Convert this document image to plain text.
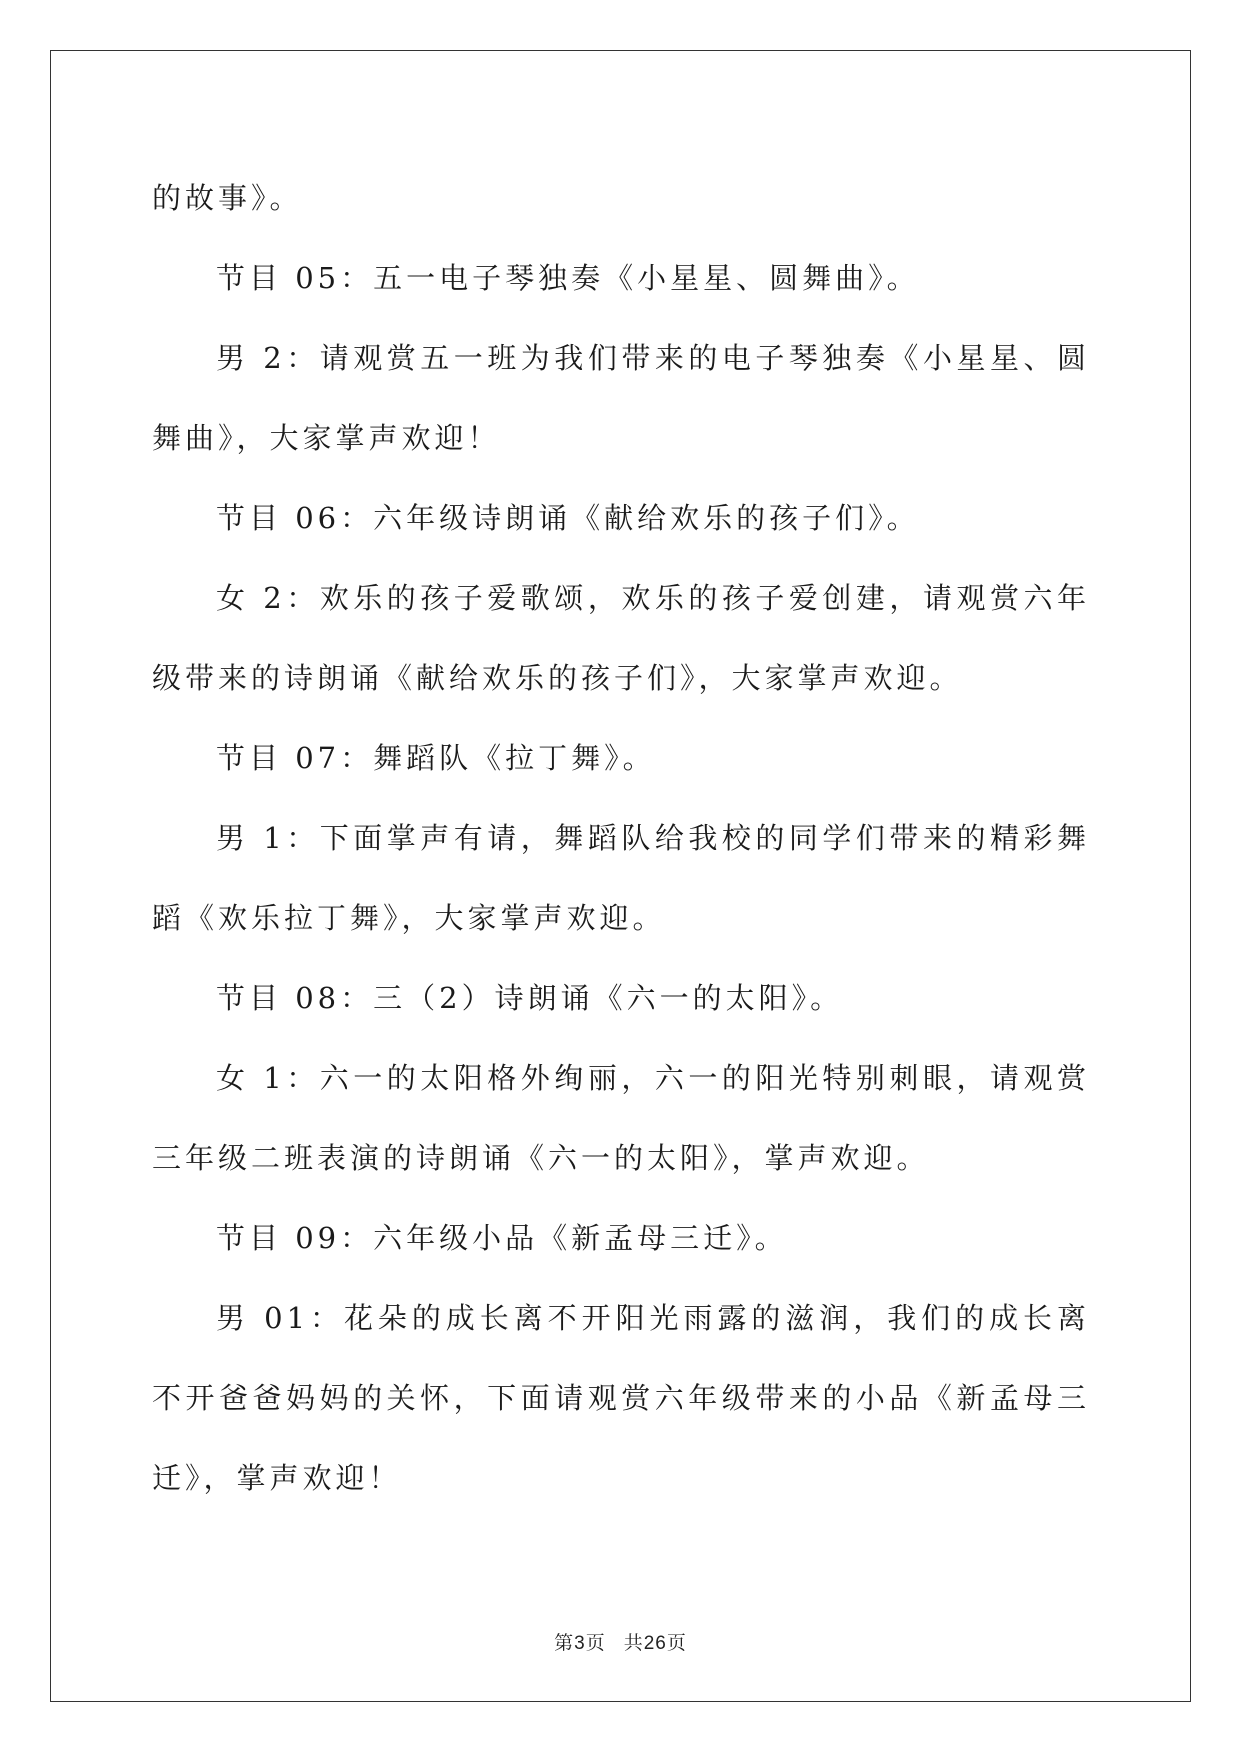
的故事》。

节目 05：五一电子琴独奏《小星星、圆舞曲》。

男 2：请观赏五一班为我们带来的电子琴独奏《小星星、圆舞曲》，大家掌声欢迎！

节目 06：六年级诗朗诵《献给欢乐的孩子们》。

女 2：欢乐的孩子爱歌颂，欢乐的孩子爱创建，请观赏六年级带来的诗朗诵《献给欢乐的孩子们》，大家掌声欢迎。

节目 07：舞蹈队《拉丁舞》。

男 1：下面掌声有请，舞蹈队给我校的同学们带来的精彩舞蹈《欢乐拉丁舞》，大家掌声欢迎。

节目 08：三（2）诗朗诵《六一的太阳》。

女 1：六一的太阳格外绚丽，六一的阳光特别刺眼，请观赏三年级二班表演的诗朗诵《六一的太阳》，掌声欢迎。

节目 09：六年级小品《新孟母三迁》。

男 01：花朵的成长离不开阳光雨露的滋润，我们的成长离不开爸爸妈妈的关怀，下面请观赏六年级带来的小品《新孟母三迁》，掌声欢迎！

第3页 共26页
